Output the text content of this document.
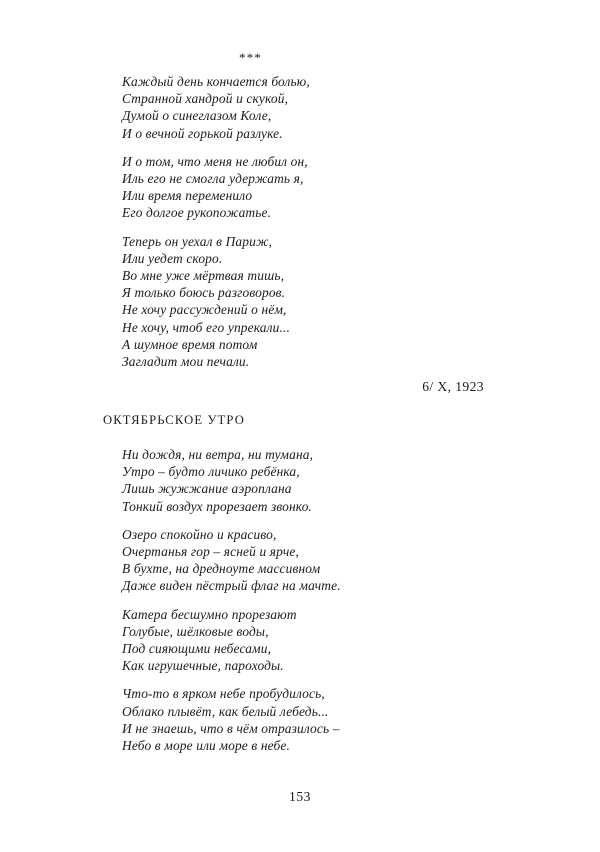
***
Каждый день кончается болью,
Странной хандрой и скукой,
Думой о синеглазом Коле,
И о вечной горькой разлуке.
И о том, что меня не любил он,
Иль его не смогла удержать я,
Или время переменило
Его долгое рукопожатье.
Теперь он уехал в Париж,
Или уедет скоро.
Во мне уже мёртвая тишь,
Я только боюсь разговоров.
Не хочу рассуждений о нём,
Не хочу, чтоб его упрекали...
А шумное время потом
Загладит мои печали.
6/ X, 1923
ОКТЯБРЬСКОЕ УТРО
Ни дождя, ни ветра, ни тумана,
Утро – будто личико ребёнка,
Лишь жужжание аэроплана
Тонкий воздух прорезает звонко.
Озеро спокойно и красиво,
Очертанья гор – ясней и ярче,
В бухте, на дредноуте массивном
Даже виден пёстрый флаг на мачте.
Катера бесшумно прорезают
Голубые, шёлковые воды,
Под сияющими небесами,
Как игрушечные, пароходы.
Что-то в ярком небе пробудилось,
Облако плывёт, как белый лебедь...
И не знаешь, что в чём отразилось –
Небо в море или море в небе.
153
